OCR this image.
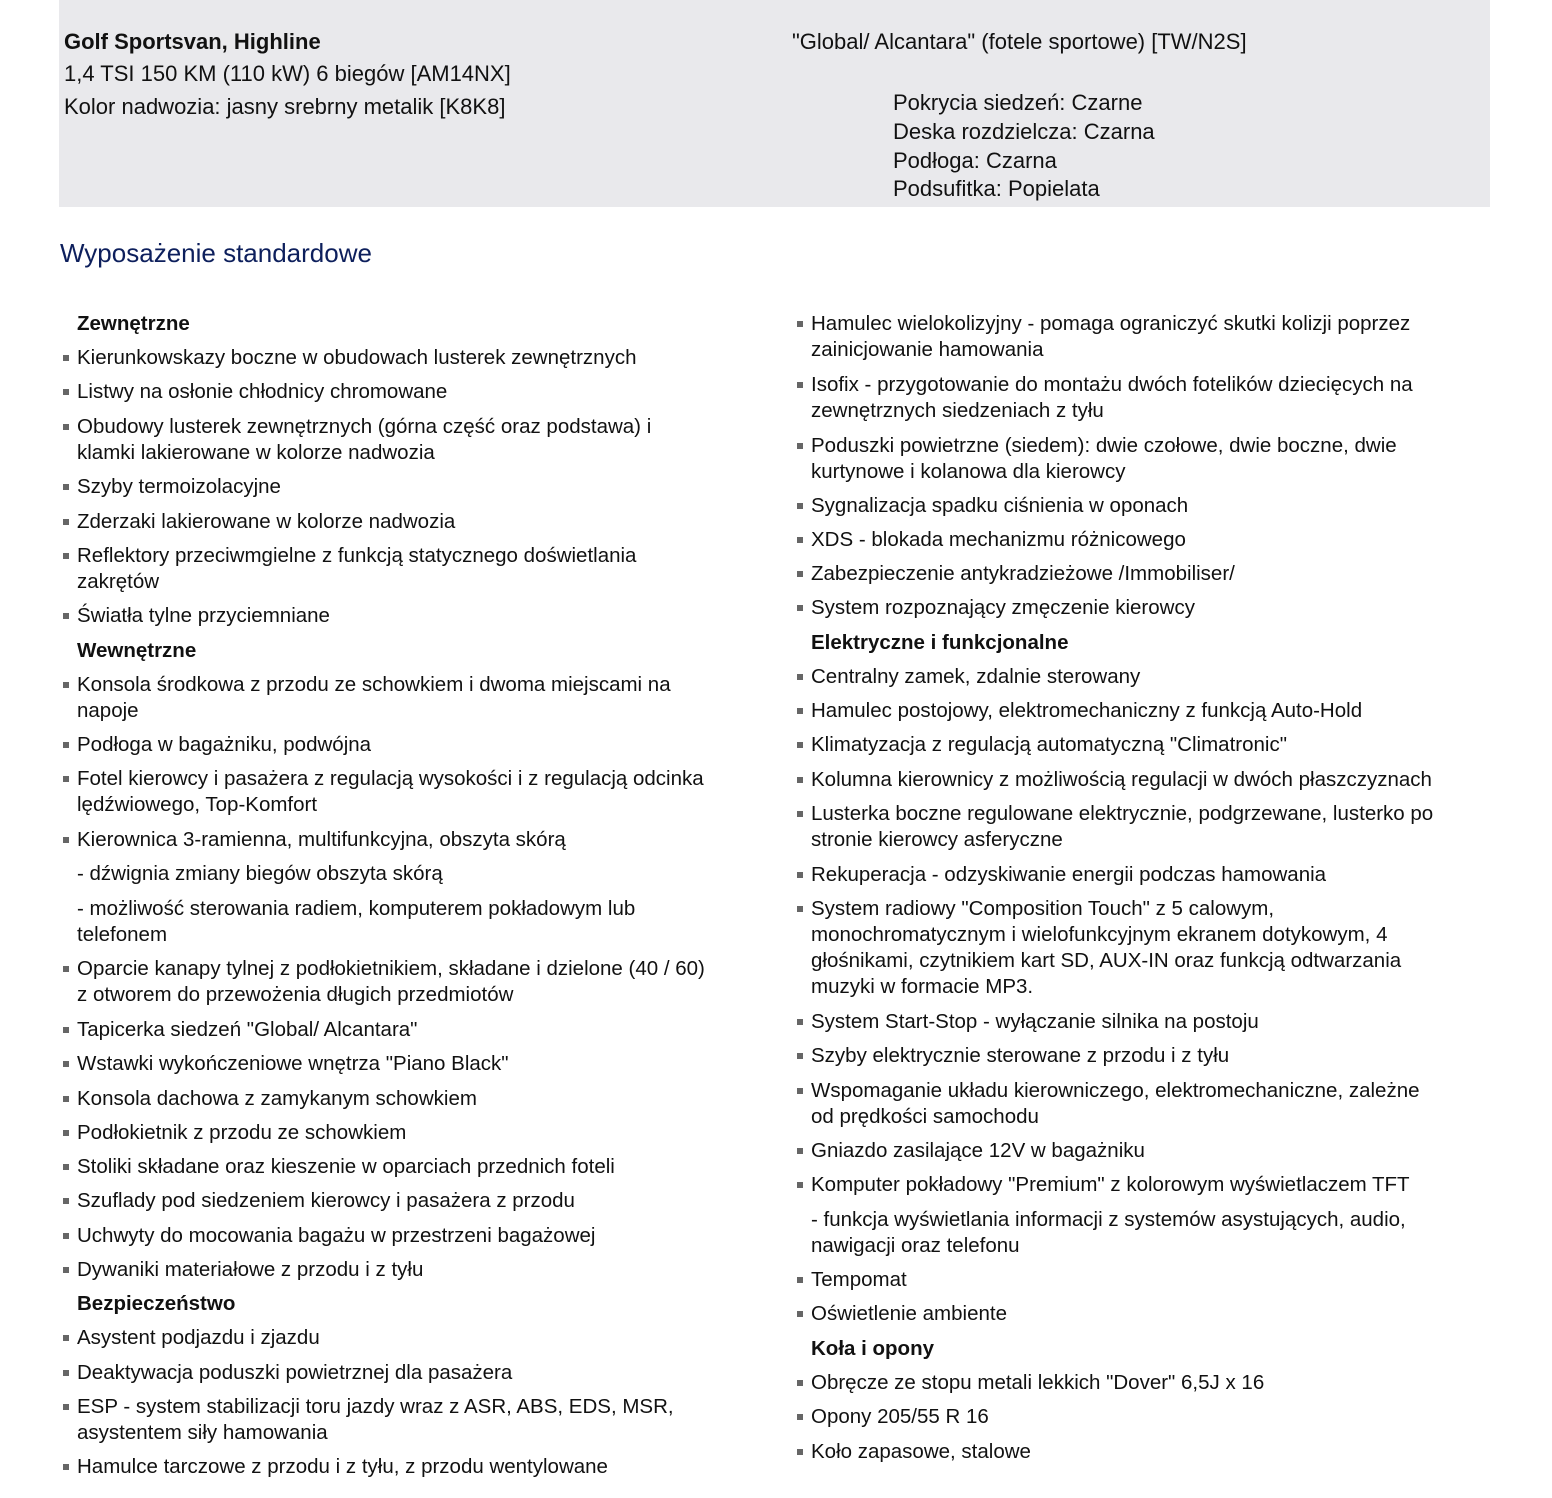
Golf Sportsvan, Highline
1,4 TSI 150 KM (110 kW) 6 biegów [AM14NX]
Kolor nadwozia: jasny srebrny metalik [K8K8]
"Global/ Alcantara" (fotele sportowe) [TW/N2S]
Pokrycia siedzeń: Czarne
Deska rozdzielcza: Czarna
Podłoga: Czarna
Podsufitka: Popielata
Wyposażenie standardowe
Zewnętrzne
Kierunkowskazy boczne w obudowach lusterek zewnętrznych
Listwy na osłonie chłodnicy chromowane
Obudowy lusterek zewnętrznych (górna część oraz podstawa) i
klamki lakierowane w kolorze nadwozia
Szyby termoizolacyjne
Zderzaki lakierowane w kolorze nadwozia
Reflektory przeciwmgielne z funkcją statycznego doświetlania
zakrętów
Światła tylne przyciemniane
Wewnętrzne
Konsola środkowa z przodu ze schowkiem i dwoma miejscami na
napoje
Podłoga w bagażniku, podwójna
Fotel kierowcy i pasażera z regulacją wysokości i z regulacją odcinka
lędźwiowego, Top-Komfort
Kierownica 3-ramienna, multifunkcyjna, obszyta skórą
- dźwignia zmiany biegów obszyta skórą
- możliwość sterowania radiem, komputerem pokładowym lub
telefonem
Oparcie kanapy tylnej z podłokietnikiem, składane i dzielone (40 / 60)
z otworem do przewożenia długich przedmiotów
Tapicerka siedzeń "Global/ Alcantara"
Wstawki wykończeniowe wnętrza "Piano Black"
Konsola dachowa z zamykanym schowkiem
Podłokietnik z przodu ze schowkiem
Stoliki składane oraz kieszenie w oparciach przednich foteli
Szuflady pod siedzeniem kierowcy i pasażera z przodu
Uchwyty do mocowania bagażu w przestrzeni bagażowej
Dywaniki materiałowe z przodu i z tyłu
Bezpieczeństwo
Asystent podjazdu i zjazdu
Deaktywacja poduszki powietrznej dla pasażera
ESP - system stabilizacji toru jazdy wraz z ASR, ABS, EDS, MSR,
asystentem siły hamowania
Hamulce tarczowe z przodu i z tyłu, z przodu wentylowane
Hamulec wielokolizyjny - pomaga ograniczyć skutki kolizji poprzez
zainicjowanie hamowania
Isofix - przygotowanie do montażu dwóch fotelików dziecięcych na
zewnętrznych siedzeniach z tyłu
Poduszki powietrzne (siedem): dwie czołowe, dwie boczne, dwie
kurtynowe i kolanowa dla kierowcy
Sygnalizacja spadku ciśnienia w oponach
XDS - blokada mechanizmu różnicowego
Zabezpieczenie antykradzieżowe /Immobiliser/
System rozpoznający zmęczenie kierowcy
Elektryczne i funkcjonalne
Centralny zamek, zdalnie sterowany
Hamulec postojowy, elektromechaniczny z funkcją Auto-Hold
Klimatyzacja z regulacją automatyczną "Climatronic"
Kolumna kierownicy z możliwością regulacji w dwóch płaszczyznach
Lusterka boczne regulowane elektrycznie, podgrzewane, lusterko po
stronie kierowcy asferyczne
Rekuperacja - odzyskiwanie energii podczas hamowania
System radiowy "Composition Touch" z 5 calowym,
monochromatycznym i wielofunkcyjnym ekranem dotykowym, 4
głośnikami, czytnikiem kart SD, AUX-IN oraz funkcją odtwarzania
muzyki w formacie MP3.
System Start-Stop - wyłączanie silnika na postoju
Szyby elektrycznie sterowane z przodu i z tyłu
Wspomaganie układu kierowniczego, elektromechaniczne, zależne
od prędkości samochodu
Gniazdo zasilające 12V w bagażniku
Komputer pokładowy "Premium" z kolorowym wyświetlaczem TFT
- funkcja wyświetlania informacji z systemów asystujących, audio,
nawigacji oraz telefonu
Tempomat
Oświetlenie ambiente
Koła i opony
Obręcze ze stopu metali lekkich "Dover" 6,5J x 16
Opony 205/55 R 16
Koło zapasowe, stalowe
